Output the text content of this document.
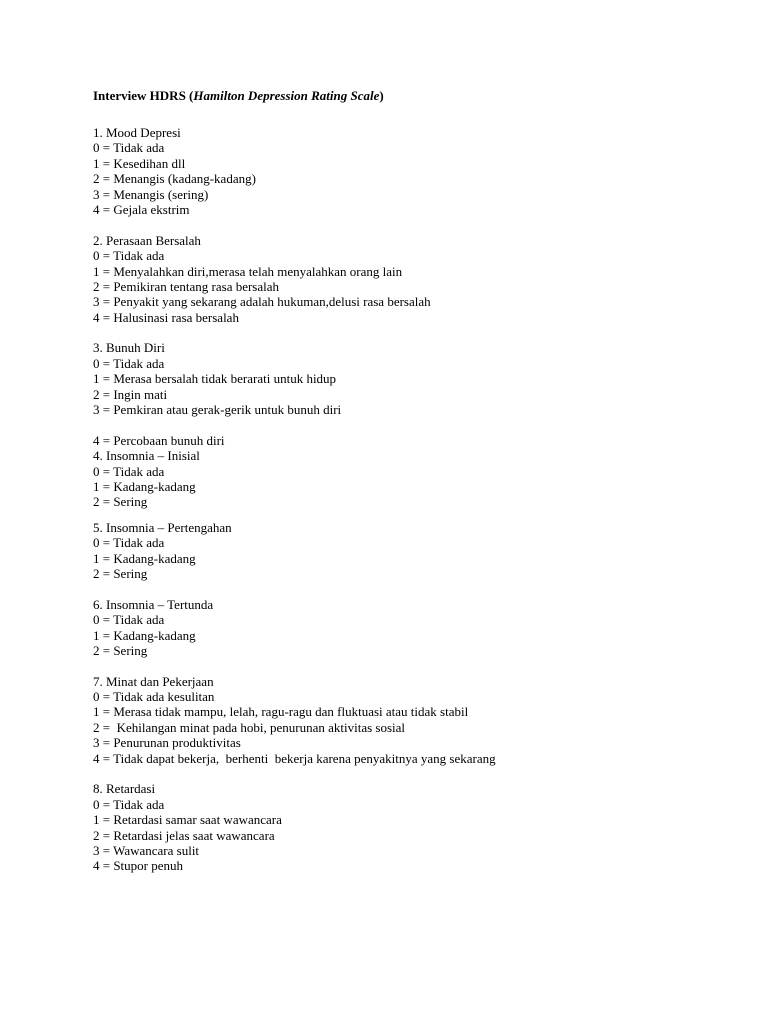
Interview HDRS (Hamilton Depression Rating Scale)
1. Mood Depresi
0 = Tidak ada
1 = Kesedihan dll
2 = Menangis (kadang-kadang)
3 = Menangis (sering)
4 = Gejala ekstrim
2. Perasaan Bersalah
0 = Tidak ada
1 = Menyalahkan diri,merasa telah menyalahkan orang lain
2 = Pemikiran tentang rasa bersalah
3 = Penyakit yang sekarang adalah hukuman,delusi rasa bersalah
4 = Halusinasi rasa bersalah
3. Bunuh Diri
0 = Tidak ada
1 = Merasa bersalah tidak berarati untuk hidup
2 = Ingin mati
3 = Pemkiran atau gerak-gerik untuk bunuh diri
4 = Percobaan bunuh diri
4. Insomnia – Inisial
0 = Tidak ada
1 = Kadang-kadang
2 = Sering
5. Insomnia – Pertengahan
0 = Tidak ada
1 = Kadang-kadang
2 = Sering
6. Insomnia – Tertunda
0 = Tidak ada
1 = Kadang-kadang
2 = Sering
7. Minat dan Pekerjaan
0 = Tidak ada kesulitan
1 = Merasa tidak mampu, lelah, ragu-ragu dan fluktuasi atau tidak stabil
2 =  Kehilangan minat pada hobi, penurunan aktivitas sosial
3 = Penurunan produktivitas
4 = Tidak dapat bekerja,  berhenti  bekerja karena penyakitnya yang sekarang
8. Retardasi
0 = Tidak ada
1 = Retardasi samar saat wawancara
2 = Retardasi jelas saat wawancara
3 = Wawancara sulit
4 = Stupor penuh
